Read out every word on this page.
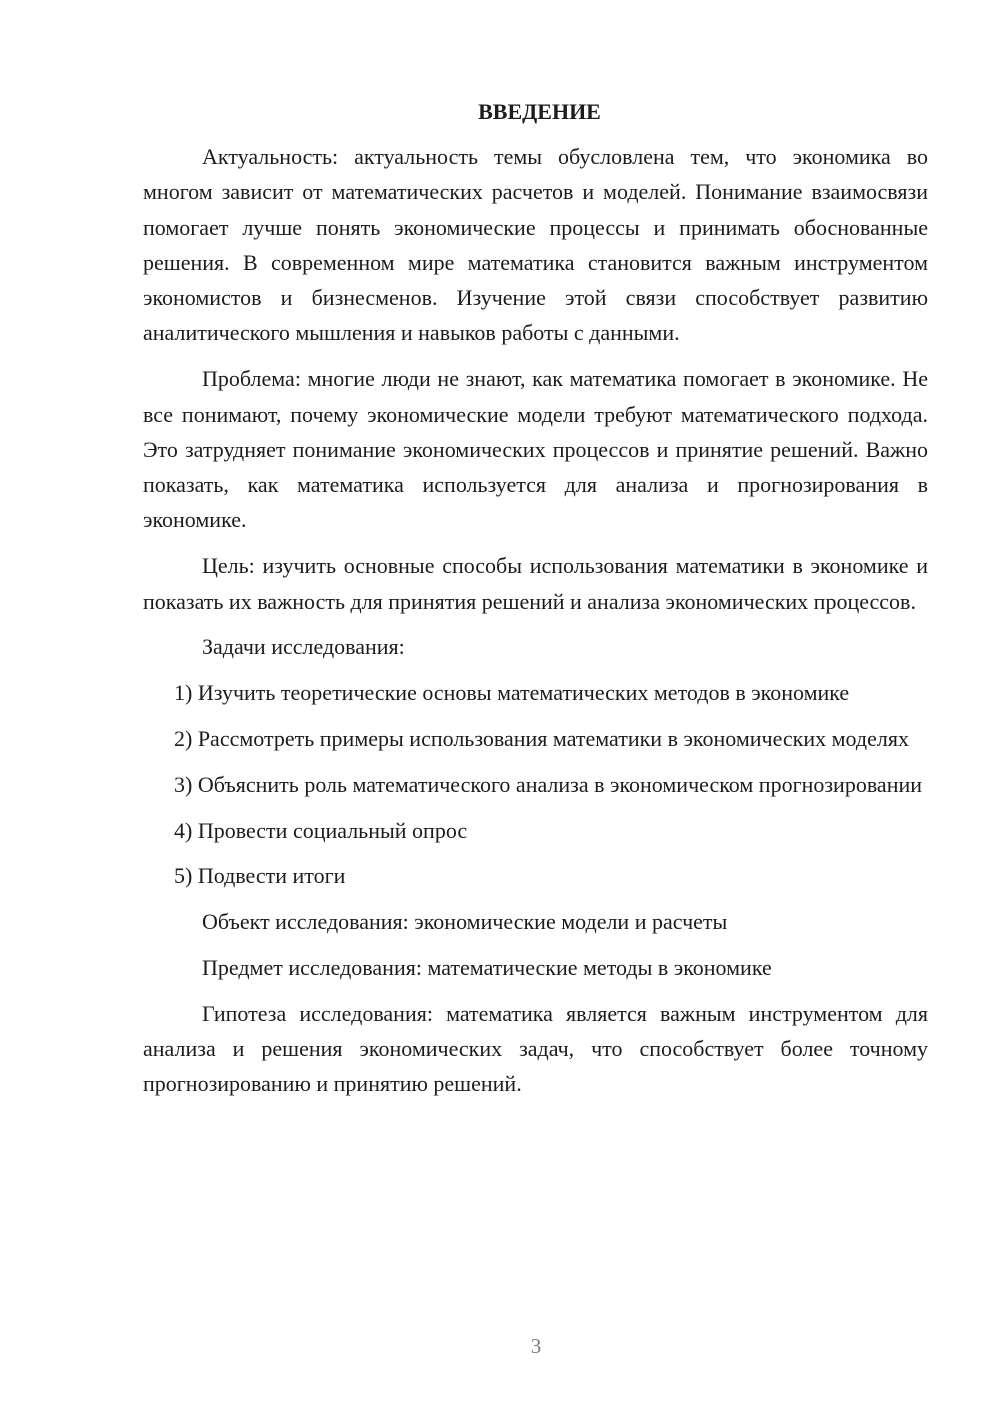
ВВЕДЕНИЕ

Актуальность: актуальность темы обусловлена тем, что экономика во многом зависит от математических расчетов и моделей. Понимание взаимосвязи помогает лучше понять экономические процессы и принимать обоснованные решения. В современном мире математика становится важным инструментом экономистов и бизнесменов. Изучение этой связи способствует развитию аналитического мышления и навыков работы с данными.

Проблема: многие люди не знают, как математика помогает в экономике. Не все понимают, почему экономические модели требуют математического подхода. Это затрудняет понимание экономических процессов и принятие решений. Важно показать, как математика используется для анализа и прогнозирования в экономике.

Цель: изучить основные способы использования математики в экономике и показать их важность для принятия решений и анализа экономических процессов.

Задачи исследования:

1) Изучить теоретические основы математических методов в экономике

2) Рассмотреть примеры использования математики в экономических моделях

3) Объяснить роль математического анализа в экономическом прогнозировании

4) Провести социальный опрос

5) Подвести итоги

Объект исследования: экономические модели и расчеты

Предмет исследования: математические методы в экономике

Гипотеза исследования: математика является важным инструментом для анализа и решения экономических задач, что способствует более точному прогнозированию и принятию решений.

3
